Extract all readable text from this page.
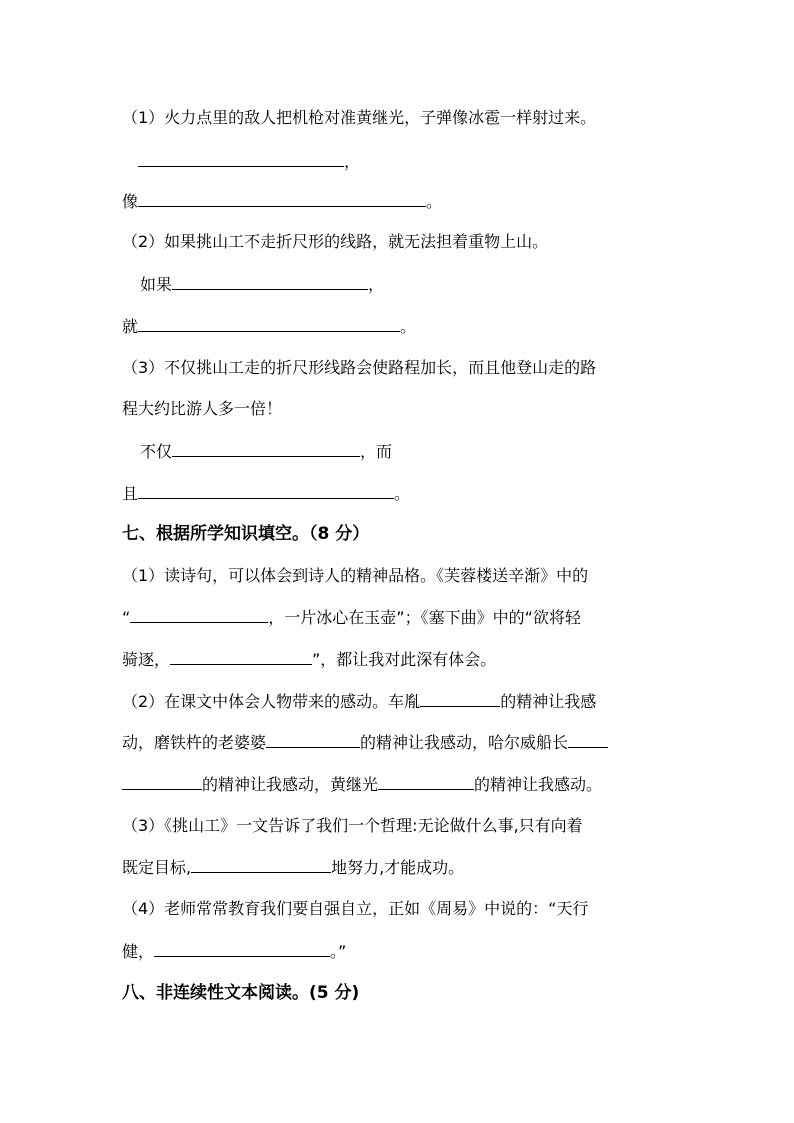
（1）火力点里的敌人把机枪对准黄继光，子弹像冰雹一样射过来。
，
像	。
（2）如果挑山工不走折尺形的线路，就无法担着重物上山。
如果	，
就	。
（3）不仅挑山工走的折尺形线路会使路程加长，而且他登山走的路
程大约比游人多一倍！
不仅	，而
且	。
七、根据所学知识填空。（8 分）
（1）读诗句，可以体会到诗人的精神品格。《芙蓉楼送辛渐》中的
“	，一片冰心在玉壶”；《塞下曲》中的“欲将轻
骑逐，	”，都让我对此深有体会。
（2）在课文中体会人物带来的感动。车胤	的精神让我感
动，磨铁杵的老婆婆	的精神让我感动，哈尔威船长
的精神让我感动，黄继光	的精神让我感动。
（3）《挑山工》一文告诉了我们一个哲理:无论做什么事,只有向着
既定目标,	地努力,才能成功。
（4）老师常常教育我们要自强自立，正如《周易》中说的：“天行
健，	。”
八、非连续性文本阅读。(5 分)
